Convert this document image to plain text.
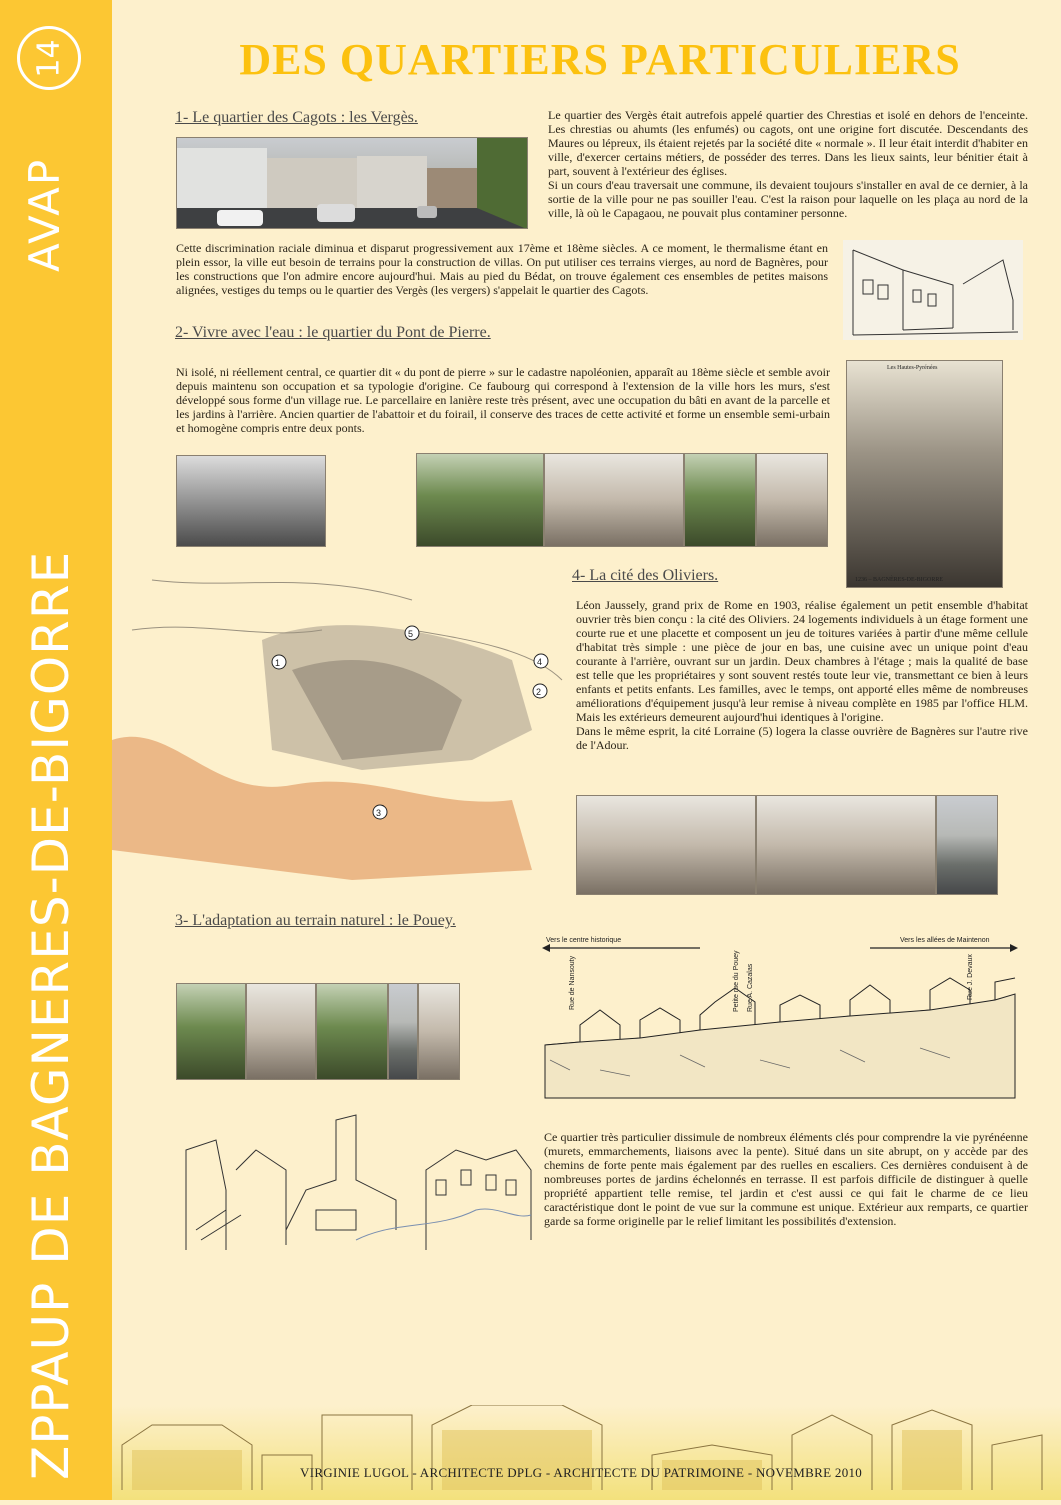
14
AVAP
ZPPAUP DE BAGNERES-DE-BIGORRE
DES QUARTIERS PARTICULIERS
1- Le quartier des Cagots : les Vergès.	Le quartier des Vergès était autrefois appelé quartier des Chrestias et isolé en dehors de l'enceinte. Les chrestias ou ahumts (les enfumés) ou cagots, ont une origine fort discutée. Descendants des Maures ou lépreux, ils étaient rejetés par la société dite « normale ». Il leur était interdit d'habiter en ville, d'exercer certains métiers, de posséder des terres. Dans les lieux saints, leur bénitier était à part, souvent à l'extérieur des églises.
Si un cours d'eau traversait une commune, ils devaient toujours s'installer en aval de ce dernier, à la sortie de la ville pour ne pas souiller l'eau. C'est la raison pour laquelle on les plaça au nord de la ville, là où le Capagaou, ne pouvait plus contaminer personne.

Cette discrimination raciale diminua et disparut progressivement aux 17ème et 18ème siècles. A ce moment, le thermalisme étant en plein essor, la ville eut besoin de terrains pour la construction de villas. On put utiliser ces terrains vierges, au nord de Bagnères, pour les constructions que l'on admire encore aujourd'hui. Mais au pied du Bédat, on trouve également ces ensembles de petites maisons alignées, vestiges du temps ou le quartier des Vergès (les vergers) s'appelait le quartier des Cagots.

2- Vivre avec l'eau : le quartier du Pont de Pierre.

Ni isolé, ni réellement central, ce quartier dit « du pont de pierre » sur le cadastre napoléonien, apparaît au 18ème siècle et semble avoir depuis maintenu son occupation et sa typologie d'origine. Ce faubourg qui correspond à l'extension de la ville hors les murs, s'est développé sous forme d'un village rue. Le parcellaire en lanière reste très présent, avec une occupation du bâti en avant de la parcelle et les jardins à l'arrière. Ancien quartier de l'abattoir et du foirail, il conserve des traces de cette activité et forme un ensemble semi-urbain et homogène compris entre deux ponts.

Les Hautes-Pyrénées
1236 – BAGNÈRES-DE-BIGORRE
1
2
3
4
5
4- La cité des Oliviers.

Léon Jaussely, grand prix de Rome en 1903, réalise également un petit ensemble d'habitat ouvrier très bien conçu : la cité des Oliviers. 24 logements individuels à un étage forment une courte rue et une placette et composent un jeu de toitures variées à partir d'une même cellule d'habitat très simple : une pièce de jour en bas, une cuisine avec un unique point d'eau courante à l'arrière, ouvrant sur un jardin. Deux chambres à l'étage ; mais la qualité de base est telle que les propriétaires y sont souvent restés toute leur vie, transmettant ce bien à leurs enfants et petits enfants. Les familles, avec le temps, ont apporté elles même de nombreuses améliorations d'équipement jusqu'à leur remise à niveau complète en 1985 par l'office HLM. Mais les extérieurs demeurent aujourd'hui identiques à l'origine.
Dans le même esprit, la cité Lorraine (5) logera la classe ouvrière de Bagnères sur l'autre rive de l'Adour.

3- L'adaptation au terrain naturel : le Pouey.
Vers le centre historique	Vers les allées de Maintenon
Rue de Nansouty	Petite rue du Pouey Rue A. Cazalas	Rue J. Devaux

Ce quartier très particulier dissimule de nombreux éléments clés pour comprendre la vie pyrénéenne (murets, emmarchements, liaisons avec la pente). Situé dans un site abrupt, on y accède par des chemins de forte pente mais également par des ruelles en escaliers. Ces dernières conduisent à de nombreuses portes de jardins échelonnés en terrasse. Il est parfois difficile de distinguer à quelle propriété appartient telle remise, tel jardin et c'est aussi ce qui fait le charme de ce lieu caractéristique dont le point de vue sur la commune est unique. Extérieur aux remparts, ce quartier garde sa forme originelle par le relief limitant les possibilités d'extension.

VIRGINIE LUGOL - ARCHITECTE DPLG - ARCHITECTE DU PATRIMOINE - NOVEMBRE 2010
